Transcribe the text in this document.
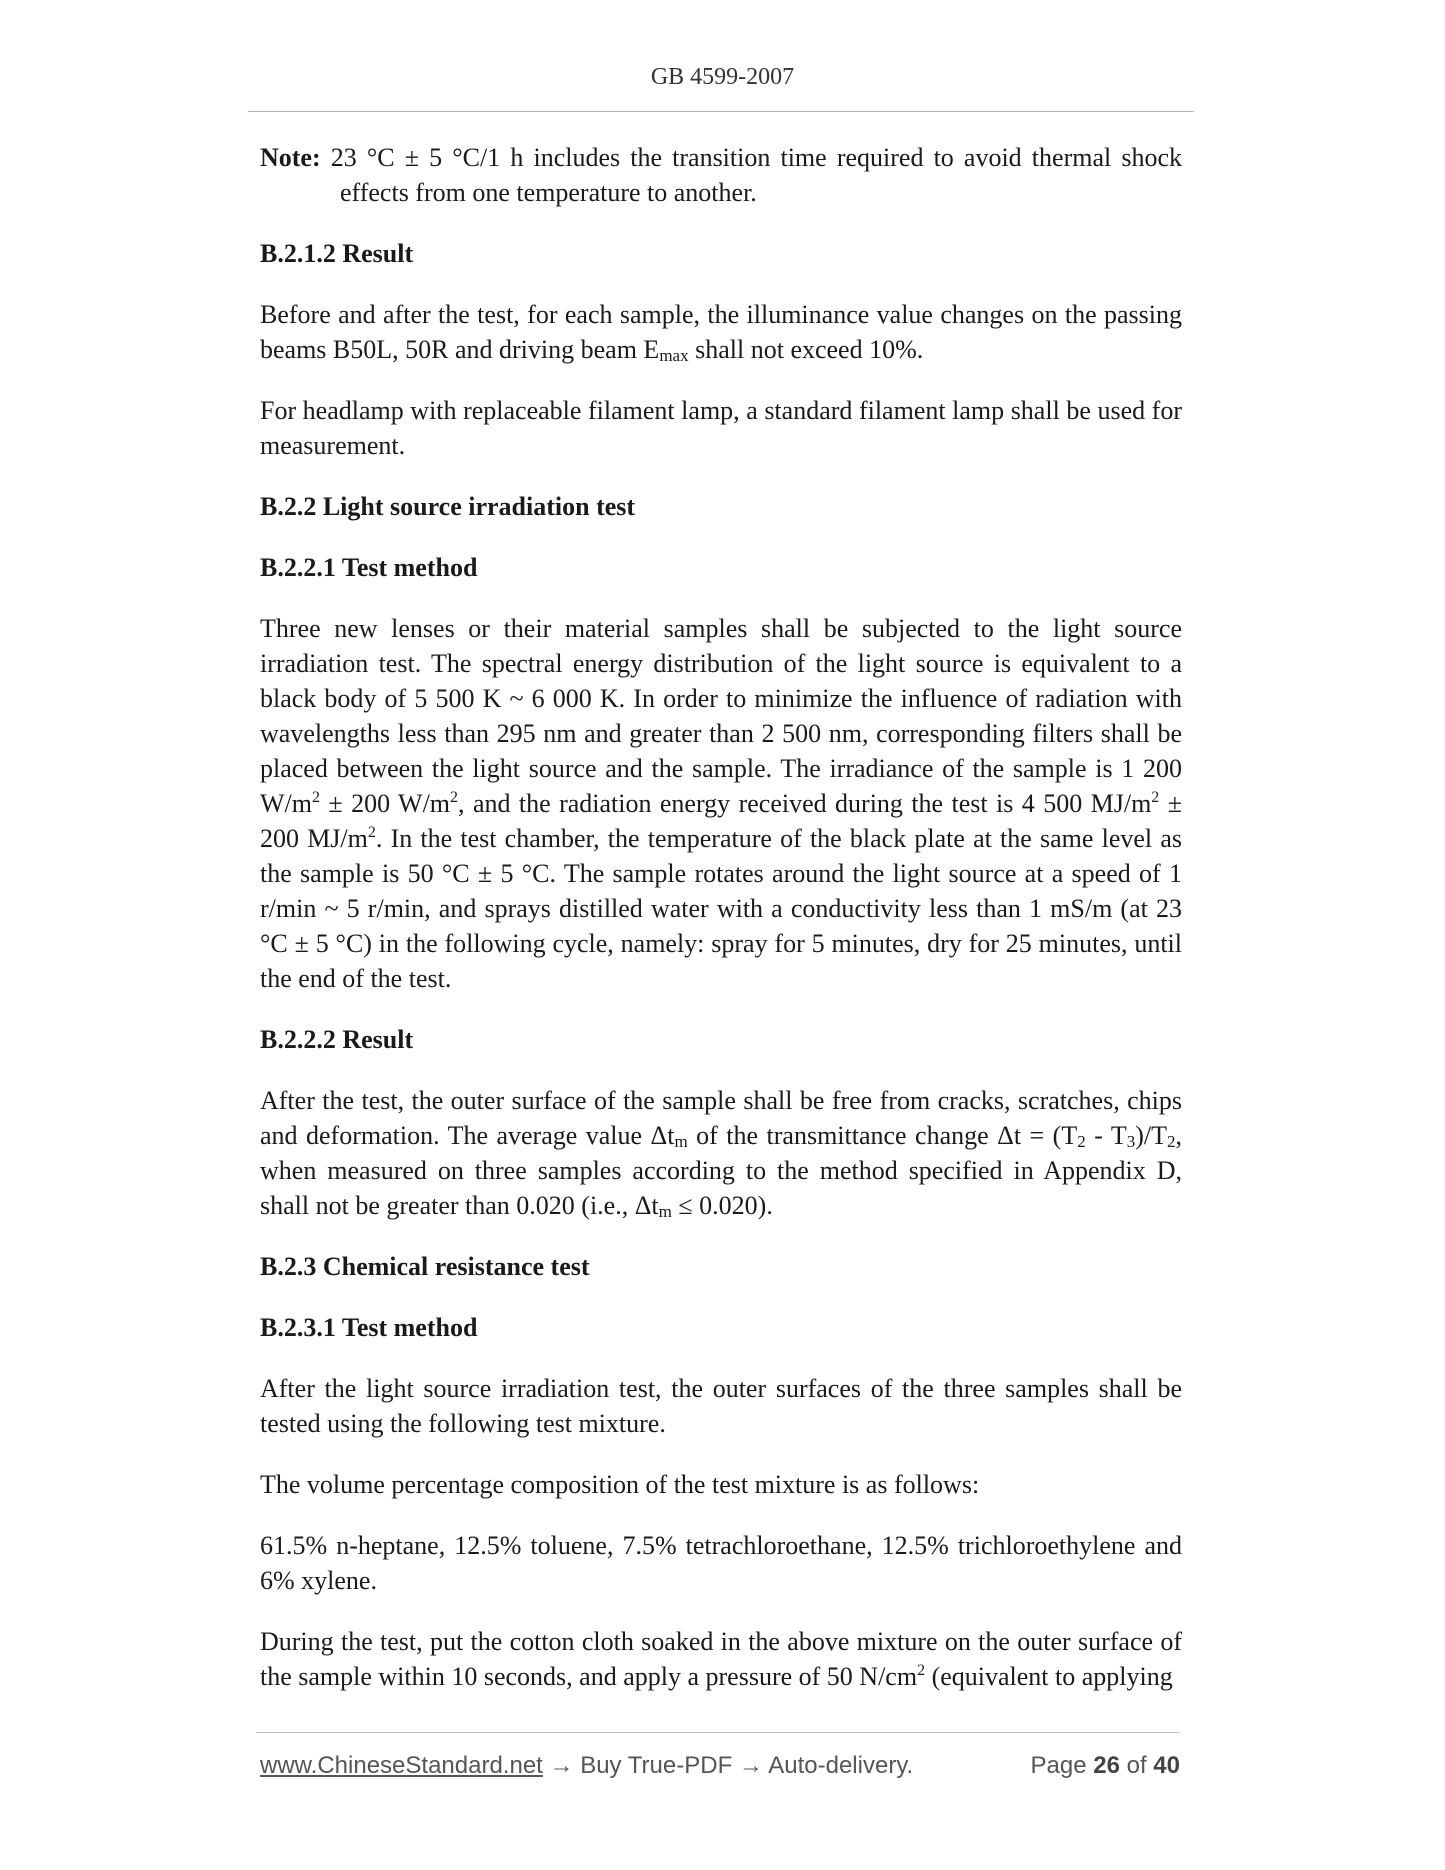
GB 4599-2007

Note: 23 °C ± 5 °C/1 h includes the transition time required to avoid thermal shock effects from one temperature to another.

B.2.1.2 Result

Before and after the test, for each sample, the illuminance value changes on the passing beams B50L, 50R and driving beam $E_{max}$ shall not exceed 10%.

For headlamp with replaceable filament lamp, a standard filament lamp shall be used for measurement.

B.2.2 Light source irradiation test

B.2.2.1 Test method

Three new lenses or their material samples shall be subjected to the light source irradiation test. The spectral energy distribution of the light source is equivalent to a black body of 5 500 K ~ 6 000 K. In order to minimize the influence of radiation with wavelengths less than 295 nm and greater than 2 500 nm, corresponding filters shall be placed between the light source and the sample. The irradiance of the sample is 1 200 $W/m^2 \pm 200$ $W/m^2$, and the radiation energy received during the test is 4 500 $MJ/m^2 \pm 200$ $MJ/m^2$. In the test chamber, the temperature of the black plate at the same level as the sample is 50 °C ± 5 °C. The sample rotates around the light source at a speed of 1 r/min ~ 5 r/min, and sprays distilled water with a conductivity less than 1 mS/m (at 23 °C ± 5 °C) in the following cycle, namely: spray for 5 minutes, dry for 25 minutes, until the end of the test.

B.2.2.2 Result

After the test, the outer surface of the sample shall be free from cracks, scratches, chips and deformation. The average value $\Delta t_m$ of the transmittance change $\Delta t = (T_2 - T_3)/T_2$, when measured on three samples according to the method specified in Appendix D, shall not be greater than 0.020 (i.e., $\Delta t_m \le 0.020$).

B.2.3 Chemical resistance test

B.2.3.1 Test method

After the light source irradiation test, the outer surfaces of the three samples shall be tested using the following test mixture.

The volume percentage composition of the test mixture is as follows:

61.5% n-heptane, 12.5% toluene, 7.5% tetrachloroethane, 12.5% trichloroethylene and 6% xylene.

During the test, put the cotton cloth soaked in the above mixture on the outer surface of the sample within 10 seconds, and apply a pressure of 50 $N/cm^2$ (equivalent to applying

www.ChineseStandard.net → Buy True-PDF → Auto-delivery.	Page 26 of 40
